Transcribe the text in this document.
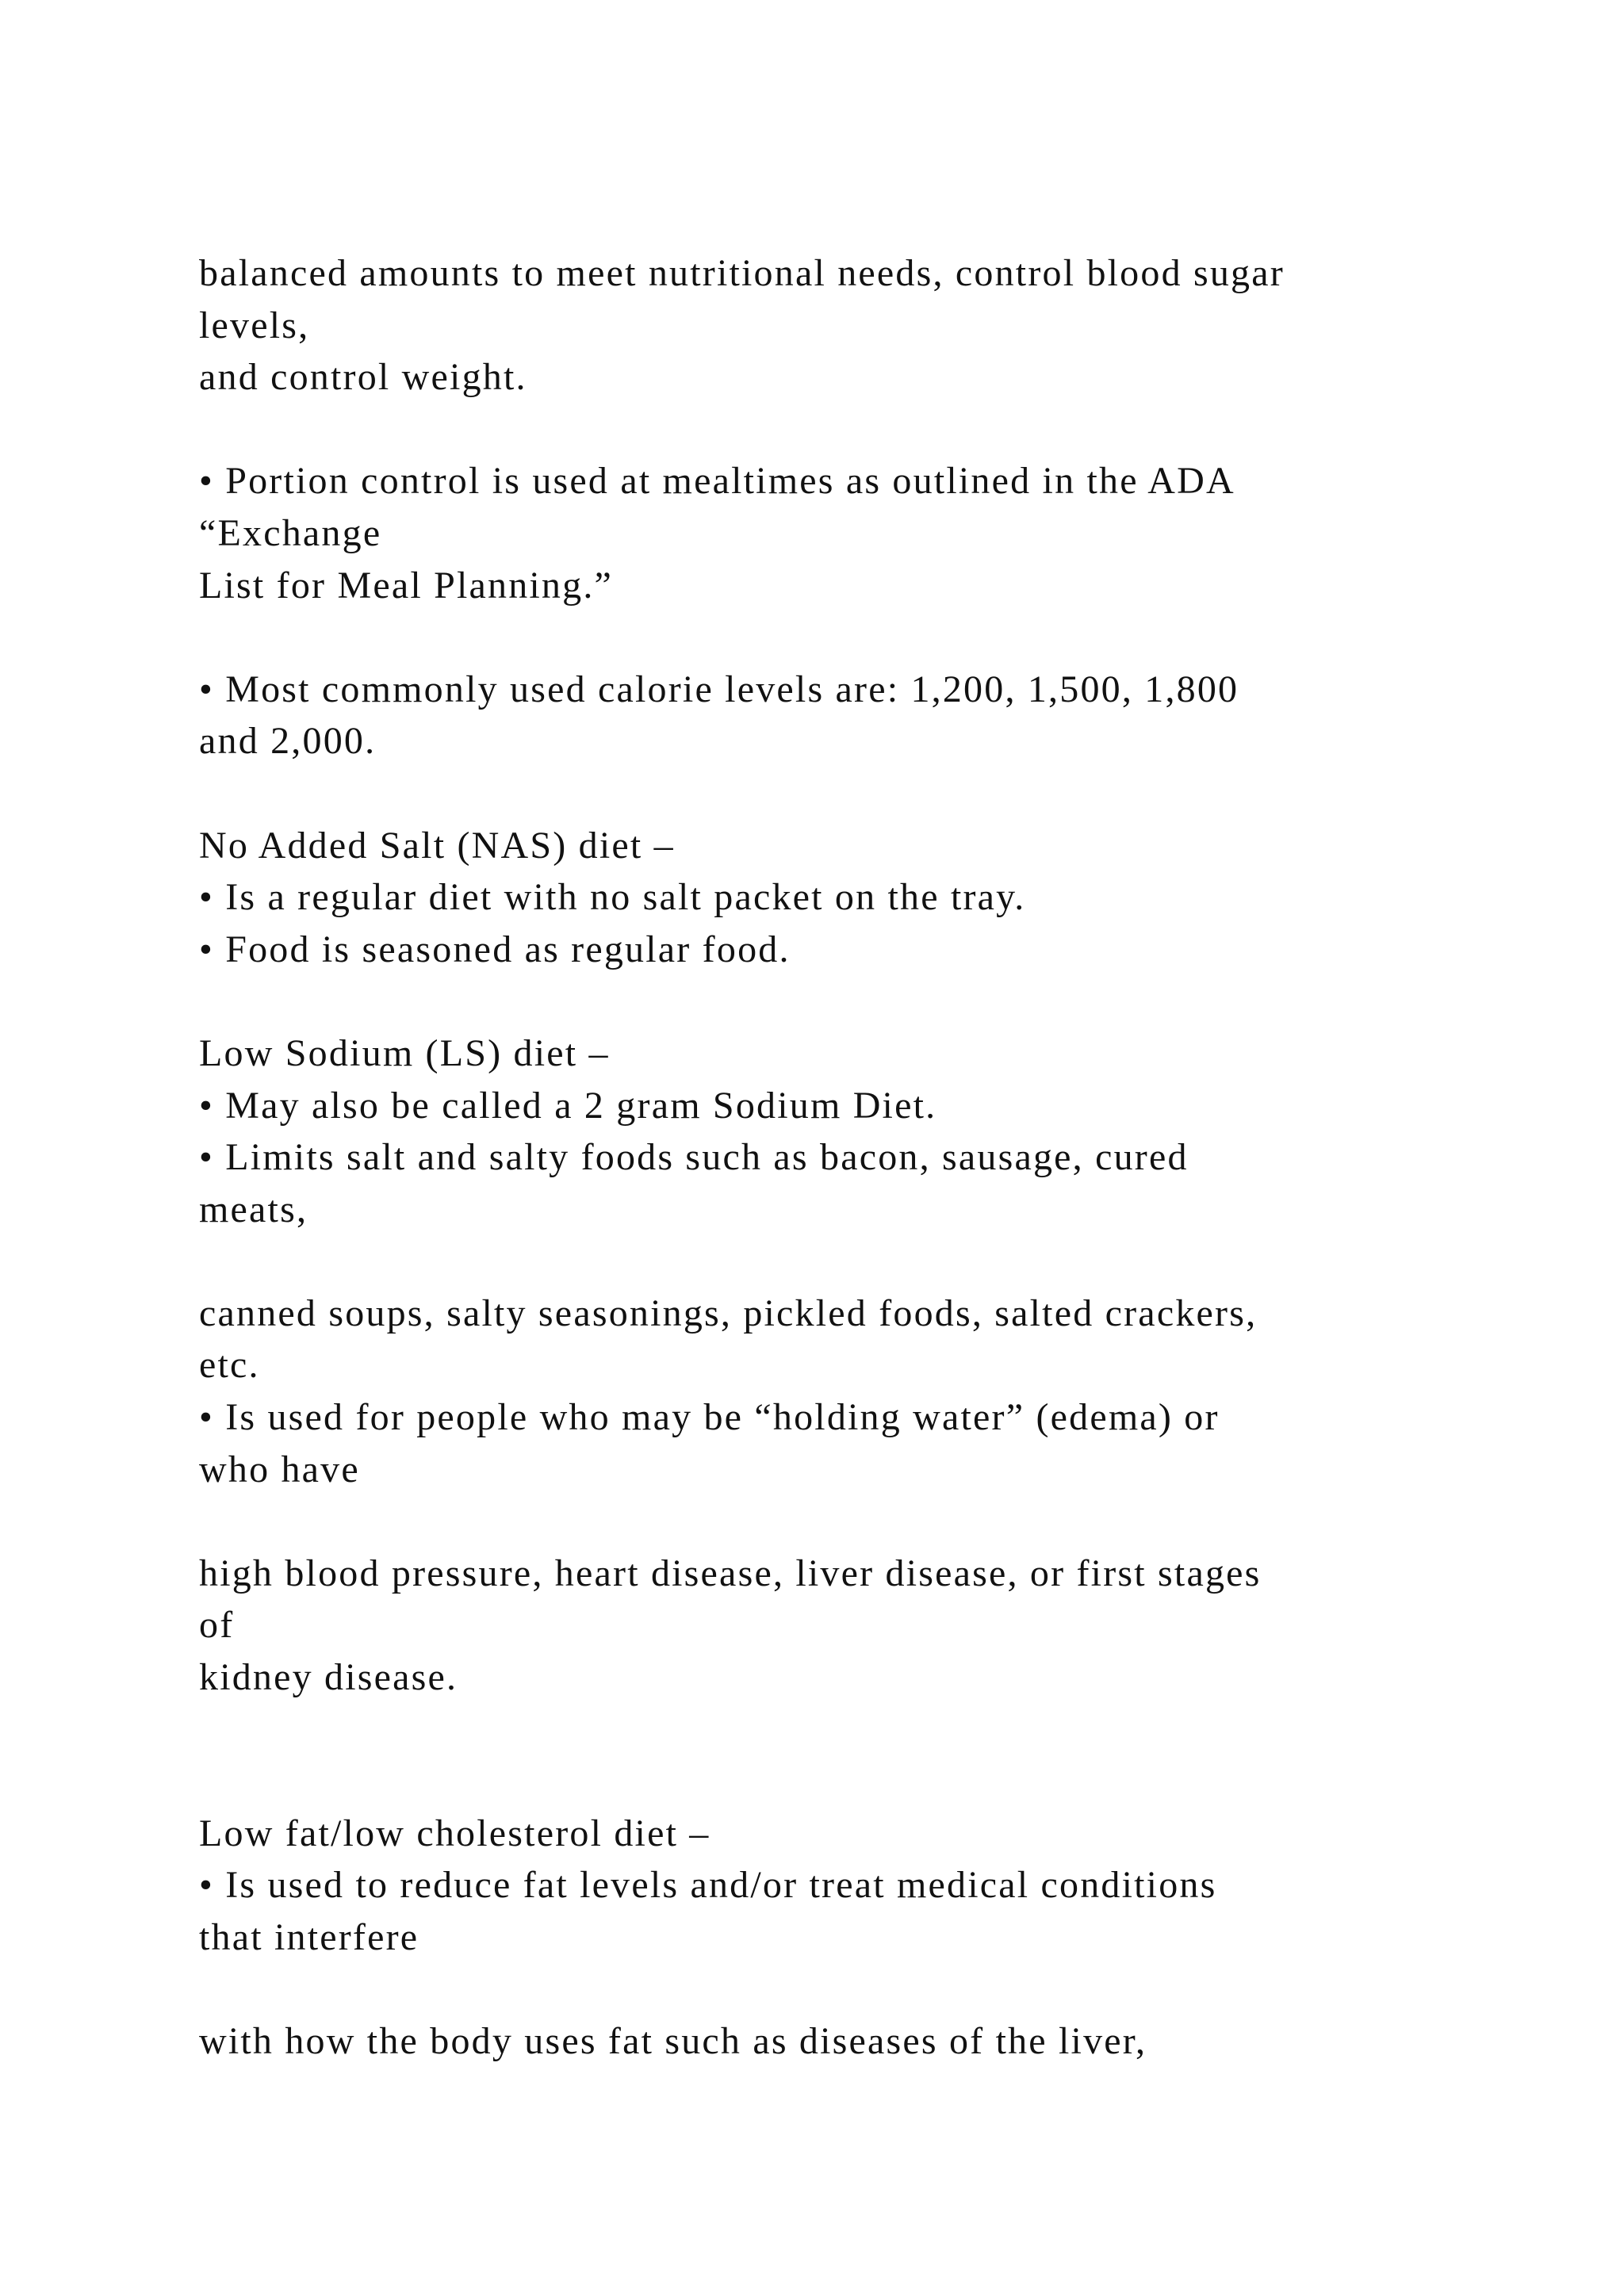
balanced amounts to meet nutritional needs, control blood sugar
levels,
and control weight.
• Portion control is used at mealtimes as outlined in the ADA
“Exchange
List for Meal Planning.”
• Most commonly used calorie levels are: 1,200, 1,500, 1,800
and 2,000.
No Added Salt (NAS) diet –
• Is a regular diet with no salt packet on the tray.
• Food is seasoned as regular food.
Low Sodium (LS) diet –
• May also be called a 2 gram Sodium Diet.
• Limits salt and salty foods such as bacon, sausage, cured
meats,
canned soups, salty seasonings, pickled foods, salted crackers,
etc.
• Is used for people who may be “holding water” (edema) or
who have
high blood pressure, heart disease, liver disease, or first stages
of
kidney disease.
Low fat/low cholesterol diet –
• Is used to reduce fat levels and/or treat medical conditions
that interfere
with how the body uses fat such as diseases of the liver,
